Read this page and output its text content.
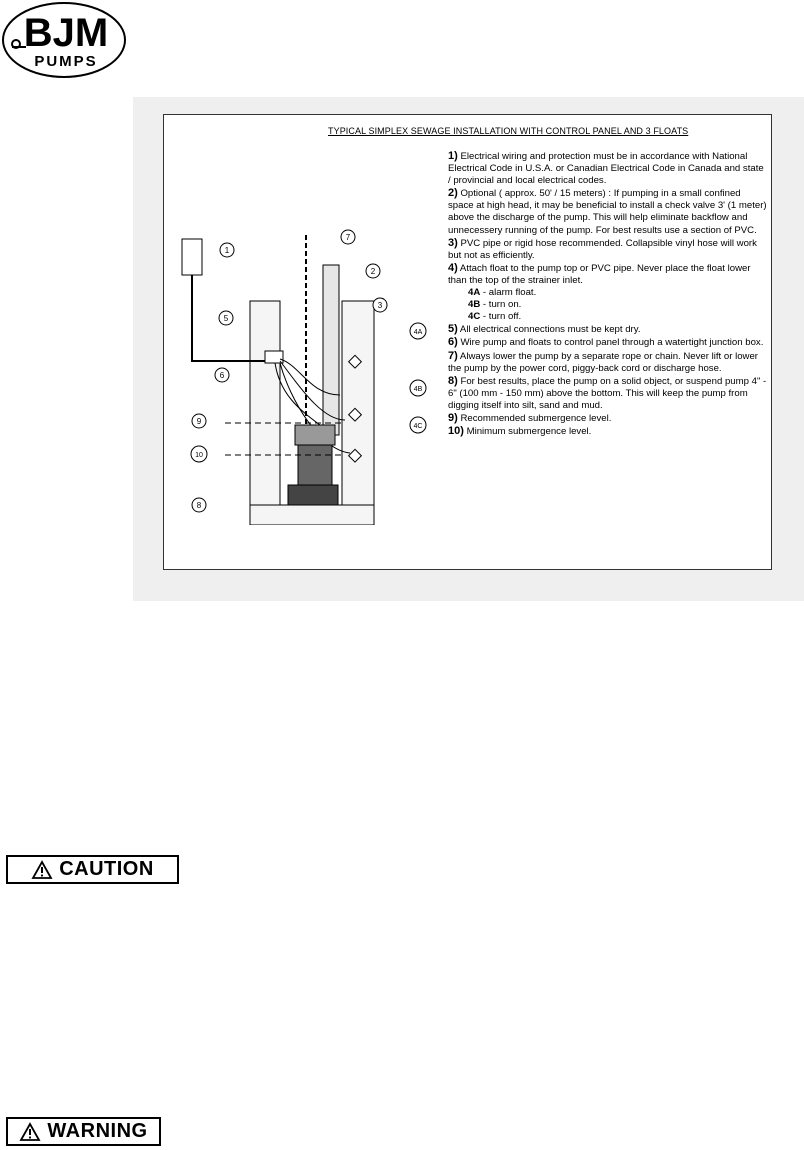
BJM
PUMPS
TYPICAL SIMPLEX SEWAGE INSTALLATION WITH CONTROL PANEL AND 3 FLOATS
1
2
3
4A
4B
4C
5
6
7
8
9
10

1) Electrical wiring and protection must be in accordance with National Electrical Code in U.S.A. or Canadian Electrical Code in Canada and state / provincial and local electrical codes.

2) Optional ( approx. 50' / 15 meters) : If pumping in a small confined space at high head, it may be beneficial to install a check valve 3' (1 meter) above the discharge of the pump. This will help eliminate backflow and unnecessery running of the pump. For best results use a section of PVC.

3) PVC pipe or rigid hose recommended. Collapsible vinyl hose will work but not as efficiently.

4) Attach float to the pump top or PVC pipe. Never place the float lower than the top of the strainer inlet.

4A - alarm float.

4B - turn on.

4C - turn off.

5) All electrical connections must be kept dry.

6) Wire pump and floats to control panel through a watertight junction box.

7) Always lower the pump by a separate rope or chain. Never lift or lower the pump by the power cord, piggy-back cord or discharge hose.

8) For best results, place the pump on a solid object, or suspend pump 4" - 6" (100 mm - 150 mm) above the bottom. This will keep the pump from digging itself into silt, sand and mud.

9) Recommended submergence level.

10) Minimum submergence level.

CAUTION
WARNING
